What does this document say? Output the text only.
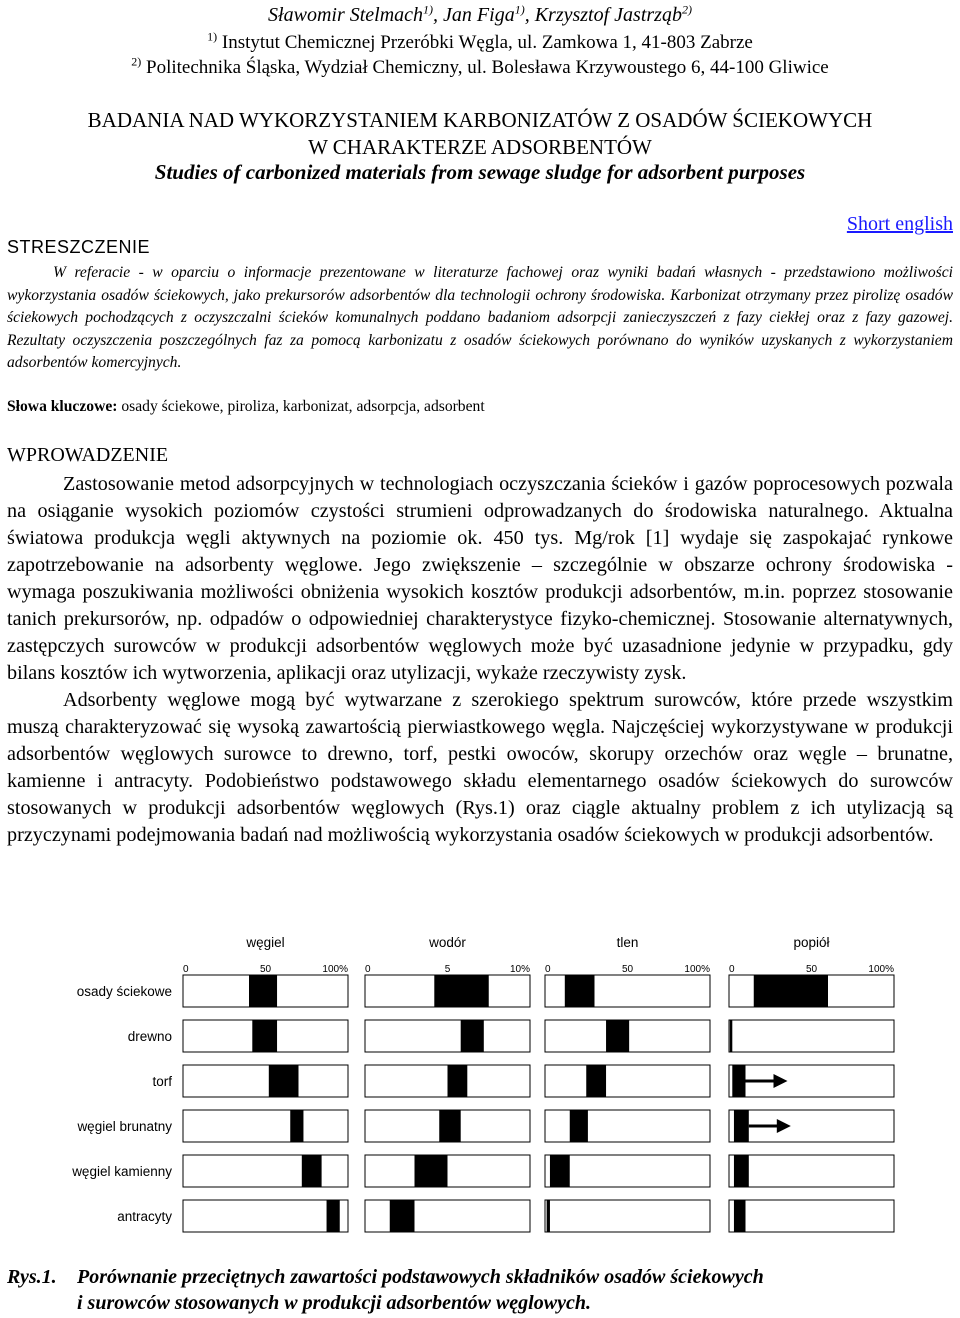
Sławomir Stelmach$^{1)}$, Jan Figa$^{1)}$, Krzysztof Jastrząb$^{2)}$
$^{1)}$ Instytut Chemicznej Przeróbki Węgla, ul. Zamkowa 1, 41-803 Zabrze
$^{2)}$ Politechnika Śląska, Wydział Chemiczny, ul. Bolesława Krzywoustego 6, 44-100 Gliwice
BADANIA NAD WYKORZYSTANIEM KARBONIZATÓW Z OSADÓW ŚCIEKOWYCH
W CHARAKTERZE ADSORBENTÓW
Studies of carbonized materials from sewage sludge for adsorbent purposes
Short english
STRESZCZENIE

W referacie - w oparciu o informacje prezentowane w literaturze fachowej oraz wyniki badań własnych - przedstawiono możliwości wykorzystania osadów ściekowych, jako prekursorów adsorbentów dla technologii ochrony środowiska. Karbonizat otrzymany przez pirolizę osadów ściekowych pochodzących z oczyszczalni ścieków komunalnych poddano badaniom adsorpcji zanieczyszczeń z fazy ciekłej oraz z fazy gazowej. Rezultaty oczyszczenia poszczególnych faz za pomocą karbonizatu z osadów ściekowych porównano do wyników uzyskanych z wykorzystaniem adsorbentów komercyjnych.

Słowa kluczowe: osady ściekowe, piroliza, karbonizat, adsorpcja, adsorbent
WPROWADZENIE

Zastosowanie metod adsorpcyjnych w technologiach oczyszczania ścieków i gazów poprocesowych pozwala na osiąganie wysokich poziomów czystości strumieni odprowadzanych do środowiska naturalnego. Aktualna światowa produkcja węgli aktywnych na poziomie ok. 450 tys. Mg/rok [1] wydaje się zaspokajać rynkowe zapotrzebowanie na adsorbenty węglowe. Jego zwiększenie – szczególnie w obszarze ochrony środowiska - wymaga poszukiwania możliwości obniżenia wysokich kosztów produkcji adsorbentów, m.in. poprzez stosowanie tanich prekursorów, np. odpadów o odpowiedniej charakterystyce fizyko-chemicznej. Stosowanie alternatywnych, zastępczych surowców w produkcji adsorbentów węglowych może być uzasadnione jedynie w przypadku, gdy bilans kosztów ich wytworzenia, aplikacji oraz utylizacji, wykaże rzeczywisty zysk.

Adsorbenty węglowe mogą być wytwarzane z szerokiego spektrum surowców, które przede wszystkim muszą charakteryzować się wysoką zawartością pierwiastkowego węgla. Najczęściej wykorzystywane w produkcji adsorbentów węglowych surowce to drewno, torf, pestki owoców, skorupy orzechów oraz węgle – brunatne, kamienne i antracyty. Podobieństwo podstawowego składu elementarnego osadów ściekowych do surowców stosowanych w produkcji adsorbentów węglowych (Rys.1) oraz ciągle aktualny problem z ich utylizacją są przyczynami podejmowania badań nad możliwością wykorzystania osadów ściekowych w produkcji adsorbentów.

osady ściekowe
drewno
torf
węgiel brunatny
węgiel kamienny
antracyty
węgiel
0	50	100%
wodór
0	5	10%
tlen
0	50	100%
popiół
0	50	100%
Rys.1. Porównanie przeciętnych zawartości podstawowych składników osadów ściekowych
i surowców stosowanych w produkcji adsorbentów węglowych.
